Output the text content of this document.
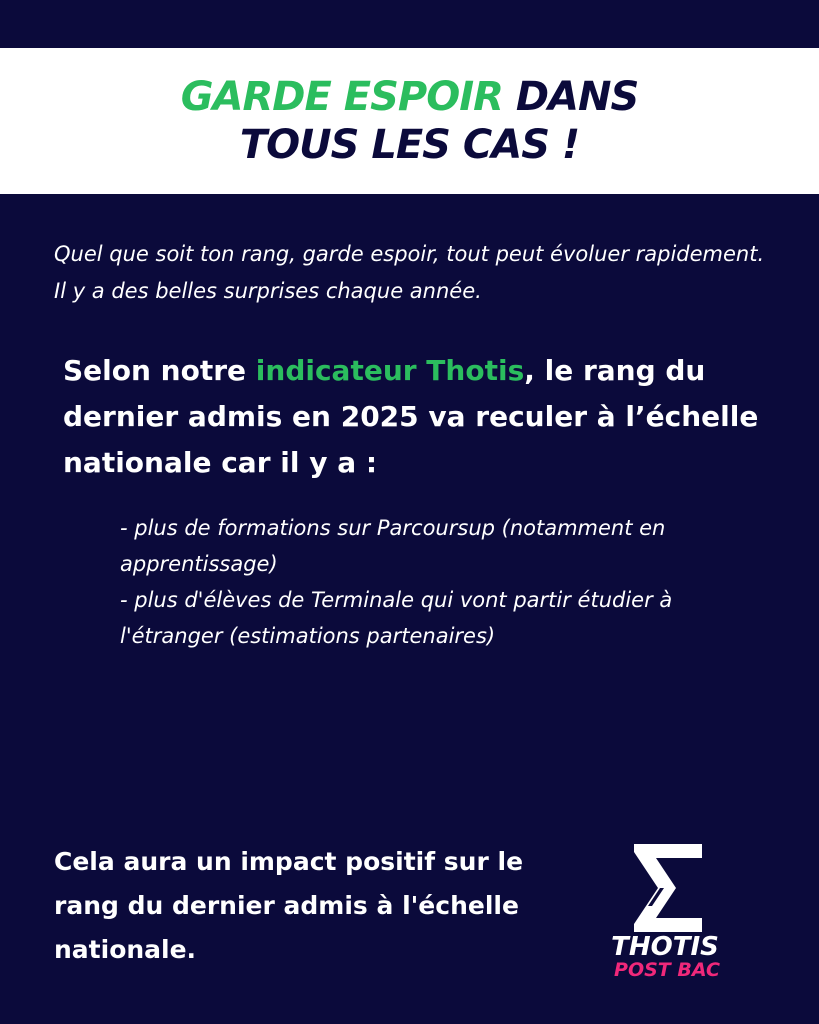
GARDE ESPOIR DANS
TOUS LES CAS !

Quel que soit ton rang, garde espoir, tout peut évoluer rapidement. Il y a des belles surprises chaque année.

Selon notre indicateur Thotis, le rang du dernier admis en 2025 va reculer à l’échelle nationale car il y a :

- plus de formations sur Parcoursup (notamment en apprentissage)
- plus d'élèves de Terminale qui vont partir étudier à l'étranger (estimations partenaires)

Cela aura un impact positif sur le rang du dernier admis à l'échelle nationale.	THOTIS
POST BAC
